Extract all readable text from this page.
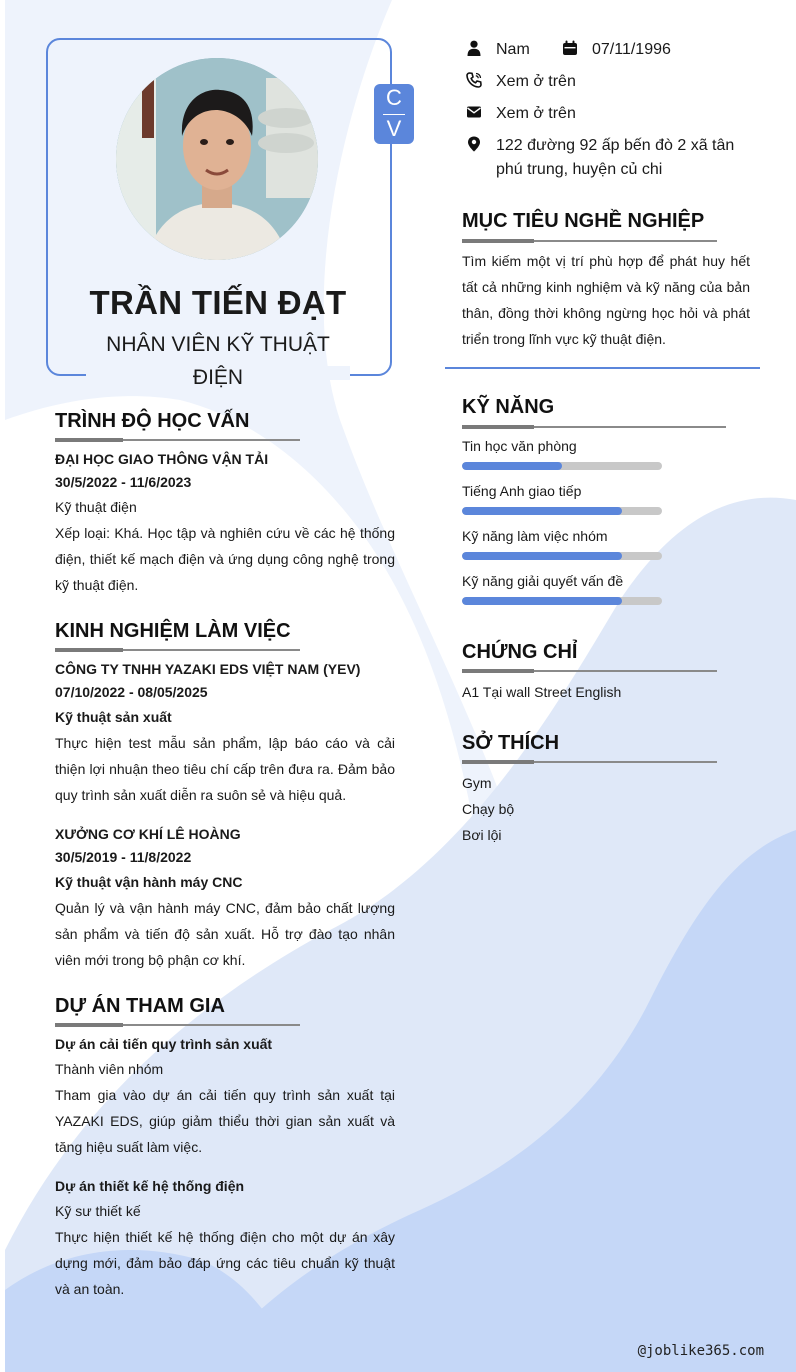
C
V
TRẦN TIẾN ĐẠT
NHÂN VIÊN KỸ THUẬT ĐIỆN
Nam	07/11/1996
Xem ở trên
Xem ở trên
122 đường 92 ấp bến đò 2 xã tân phú trung, huyện củ chi
MỤC TIÊU NGHỀ NGHIỆP
Tìm kiếm một vị trí phù hợp để phát huy hết tất cả những kinh nghiệm và kỹ năng của bản thân, đồng thời không ngừng học hỏi và phát triển trong lĩnh vực kỹ thuật điện.
KỸ NĂNG
Tin học văn phòng
Tiếng Anh giao tiếp
Kỹ năng làm việc nhóm
Kỹ năng giải quyết vấn đề
CHỨNG CHỈ
A1 Tại wall Street English
SỞ THÍCH
Gym
Chạy bộ
Bơi lội
TRÌNH ĐỘ HỌC VẤN
ĐẠI HỌC GIAO THÔNG VẬN TẢI
30/5/2022 - 11/6/2023
Kỹ thuật điện
Xếp loại: Khá. Học tập và nghiên cứu về các hệ thống điện, thiết kế mạch điện và ứng dụng công nghệ trong kỹ thuật điện.
KINH NGHIỆM LÀM VIỆC
CÔNG TY TNHH YAZAKI EDS VIỆT NAM (YEV)
07/10/2022 - 08/05/2025
Kỹ thuật sản xuất
Thực hiện test mẫu sản phẩm, lập báo cáo và cải thiện lợi nhuận theo tiêu chí cấp trên đưa ra. Đảm bảo quy trình sản xuất diễn ra suôn sẻ và hiệu quả.
XƯỞNG CƠ KHÍ LÊ HOÀNG
30/5/2019 - 11/8/2022
Kỹ thuật vận hành máy CNC
Quản lý và vận hành máy CNC, đảm bảo chất lượng sản phẩm và tiến độ sản xuất. Hỗ trợ đào tạo nhân viên mới trong bộ phận cơ khí.
DỰ ÁN THAM GIA
Dự án cải tiến quy trình sản xuất
Thành viên nhóm
Tham gia vào dự án cải tiến quy trình sản xuất tại YAZAKI EDS, giúp giảm thiểu thời gian sản xuất và tăng hiệu suất làm việc.
Dự án thiết kế hệ thống điện
Kỹ sư thiết kế
Thực hiện thiết kế hệ thống điện cho một dự án xây dựng mới, đảm bảo đáp ứng các tiêu chuẩn kỹ thuật và an toàn.
@joblike365.com
